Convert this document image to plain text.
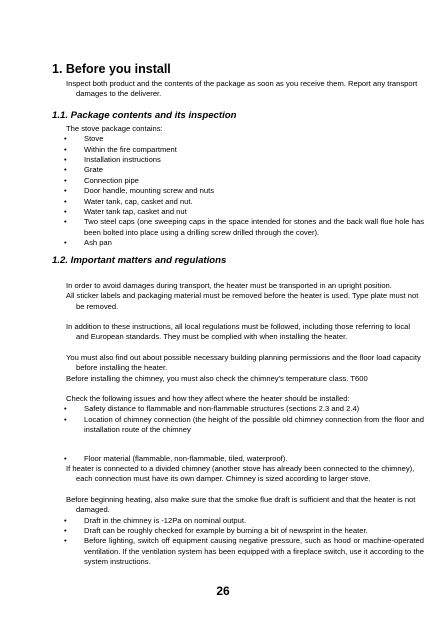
1. Before you install

Inspect both product and the contents of the package as soon as you receive them. Report any transport damages to the deliverer.

1.1. Package contents and its inspection

The stove package contains:

• Stove
• Within the fire compartment
• Installation instructions
• Grate
• Connection pipe
• Door handle, mounting screw and nuts
• Water tank, cap, casket and nut.
• Water tank tap, casket and nut
• Two steel caps (one sweeping caps in the space intended for stones and the back wall flue hole has been bolted into place using a drilling screw drilled through the cover).
• Ash pan
1.2. Important matters and regulations

In order to avoid damages during transport, the heater must be transported in an upright position.

All sticker labels and packaging material must be removed before the heater is used. Type plate must not be removed.

In addition to these instructions, all local regulations must be followed, including those referring to local and European standards. They must be complied with when installing the heater.

You must also find out about possible necessary building planning permissions and the floor load capacity before installing the heater.

Before installing the chimney, you must also check the chimney's temperature class. T600

Check the following issues and how they affect where the heater should be installed:

• Safety distance to flammable and non-flammable structures (sections 2.3 and 2.4)
• Location of chimney connection (the height of the possible old chimney connection from the floor and installation route of the chimney
• Floor material (flammable, non-flammable, tiled, waterproof).

If heater is connected to a divided chimney (another stove has already been connected to the chimney), each connection must have its own damper. Chimney is sized according to larger stove.

Before beginning heating, also make sure that the smoke flue draft is sufficient and that the heater is not damaged.

• Draft in the chimney is -12Pa on nominal output.
• Draft can be roughly checked for example by burning a bit of newsprint in the heater.
• Before lighting, switch off equipment causing negative pressure, such as hood or machine-operated ventilation. If the ventilation system has been equipped with a fireplace switch, use it according to the system instructions.
26
